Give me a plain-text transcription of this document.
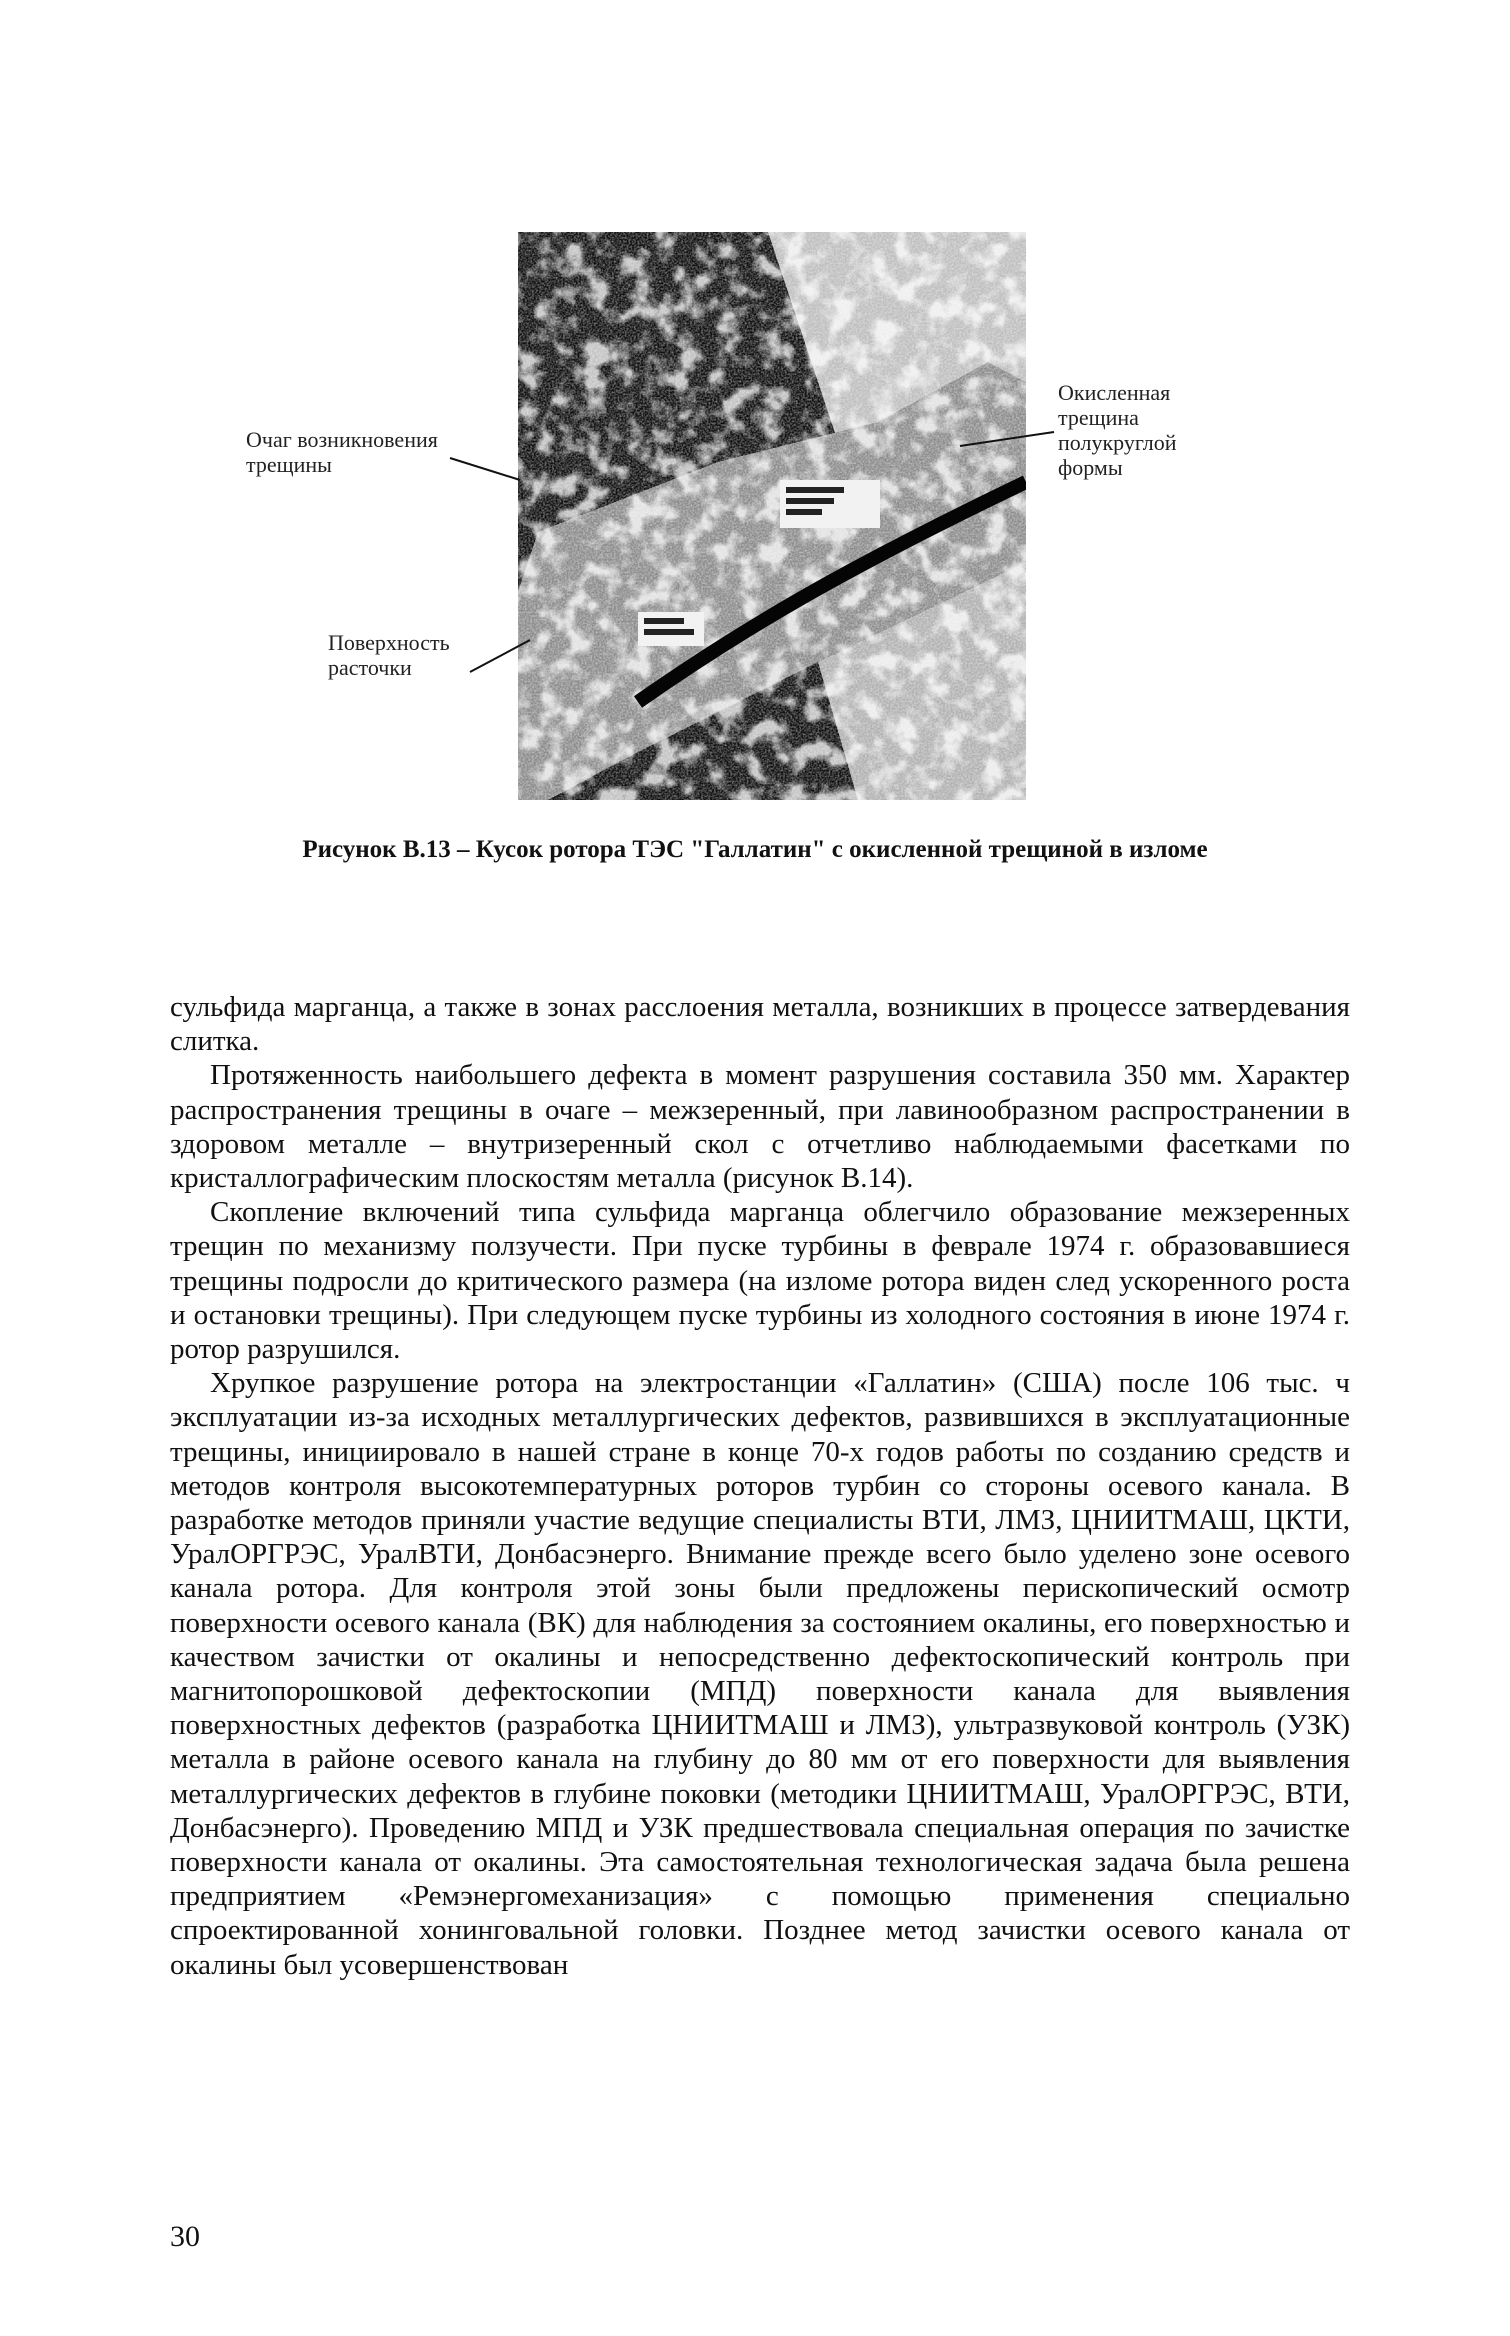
Очаг возникновения трещины
Поверхность расточки
Окисленная трещина полукруглой формы
Рисунок В.13 – Кусок ротора ТЭС "Галлатин" с окисленной трещиной в изломе

сульфида марганца, а также в зонах расслоения металла, возникших в процессе затвердевания слитка.

Протяженность наибольшего дефекта в момент разрушения составила 350 мм. Характер распространения трещины в очаге – межзеренный, при лавинообразном распространении в здоровом металле – внутризеренный скол с отчетливо наблюдаемыми фасетками по кристаллографическим плоскостям металла (рисунок В.14).

Скопление включений типа сульфида марганца облегчило образование межзеренных трещин по механизму ползучести. При пуске турбины в феврале 1974 г. образовавшиеся трещины подросли до критического размера (на изломе ротора виден след ускоренного роста и остановки трещины). При следующем пуске турбины из холодного состояния в июне 1974 г. ротор разрушился.

Хрупкое разрушение ротора на электростанции «Галлатин» (США) после 106 тыс. ч эксплуатации из-за исходных металлургических дефектов, развившихся в эксплуатационные трещины, инициировало в нашей стране в конце 70-х годов работы по созданию средств и методов контроля высокотемпературных роторов турбин со стороны осевого канала. В разработке методов приняли участие ведущие специалисты ВТИ, ЛМЗ, ЦНИИТМАШ, ЦКТИ, УралОРГРЭС, УралВТИ, Донбасэнерго. Внимание прежде всего было уделено зоне осевого канала ротора. Для контроля этой зоны были предложены перископический осмотр поверхности осевого канала (ВК) для наблюдения за состоянием окалины, его поверхностью и качеством зачистки от окалины и непосредственно дефектоскопический контроль при магнитопорошковой дефектоскопии (МПД) поверхности канала для выявления поверхностных дефектов (разработка ЦНИИТМАШ и ЛМЗ), ультразвуковой контроль (УЗК) металла в районе осевого канала на глубину до 80 мм от его поверхности для выявления металлургических дефектов в глубине поковки (методики ЦНИИТМАШ, УралОРГРЭС, ВТИ, Донбасэнерго). Проведению МПД и УЗК предшествовала специальная операция по зачистке поверхности канала от окалины. Эта самостоятельная технологическая задача была решена предприятием «Ремэнергомеханизация» с помощью применения специально спроектированной хонинговальной головки. Позднее метод зачистки осевого канала от окалины был усовершенствован

30
